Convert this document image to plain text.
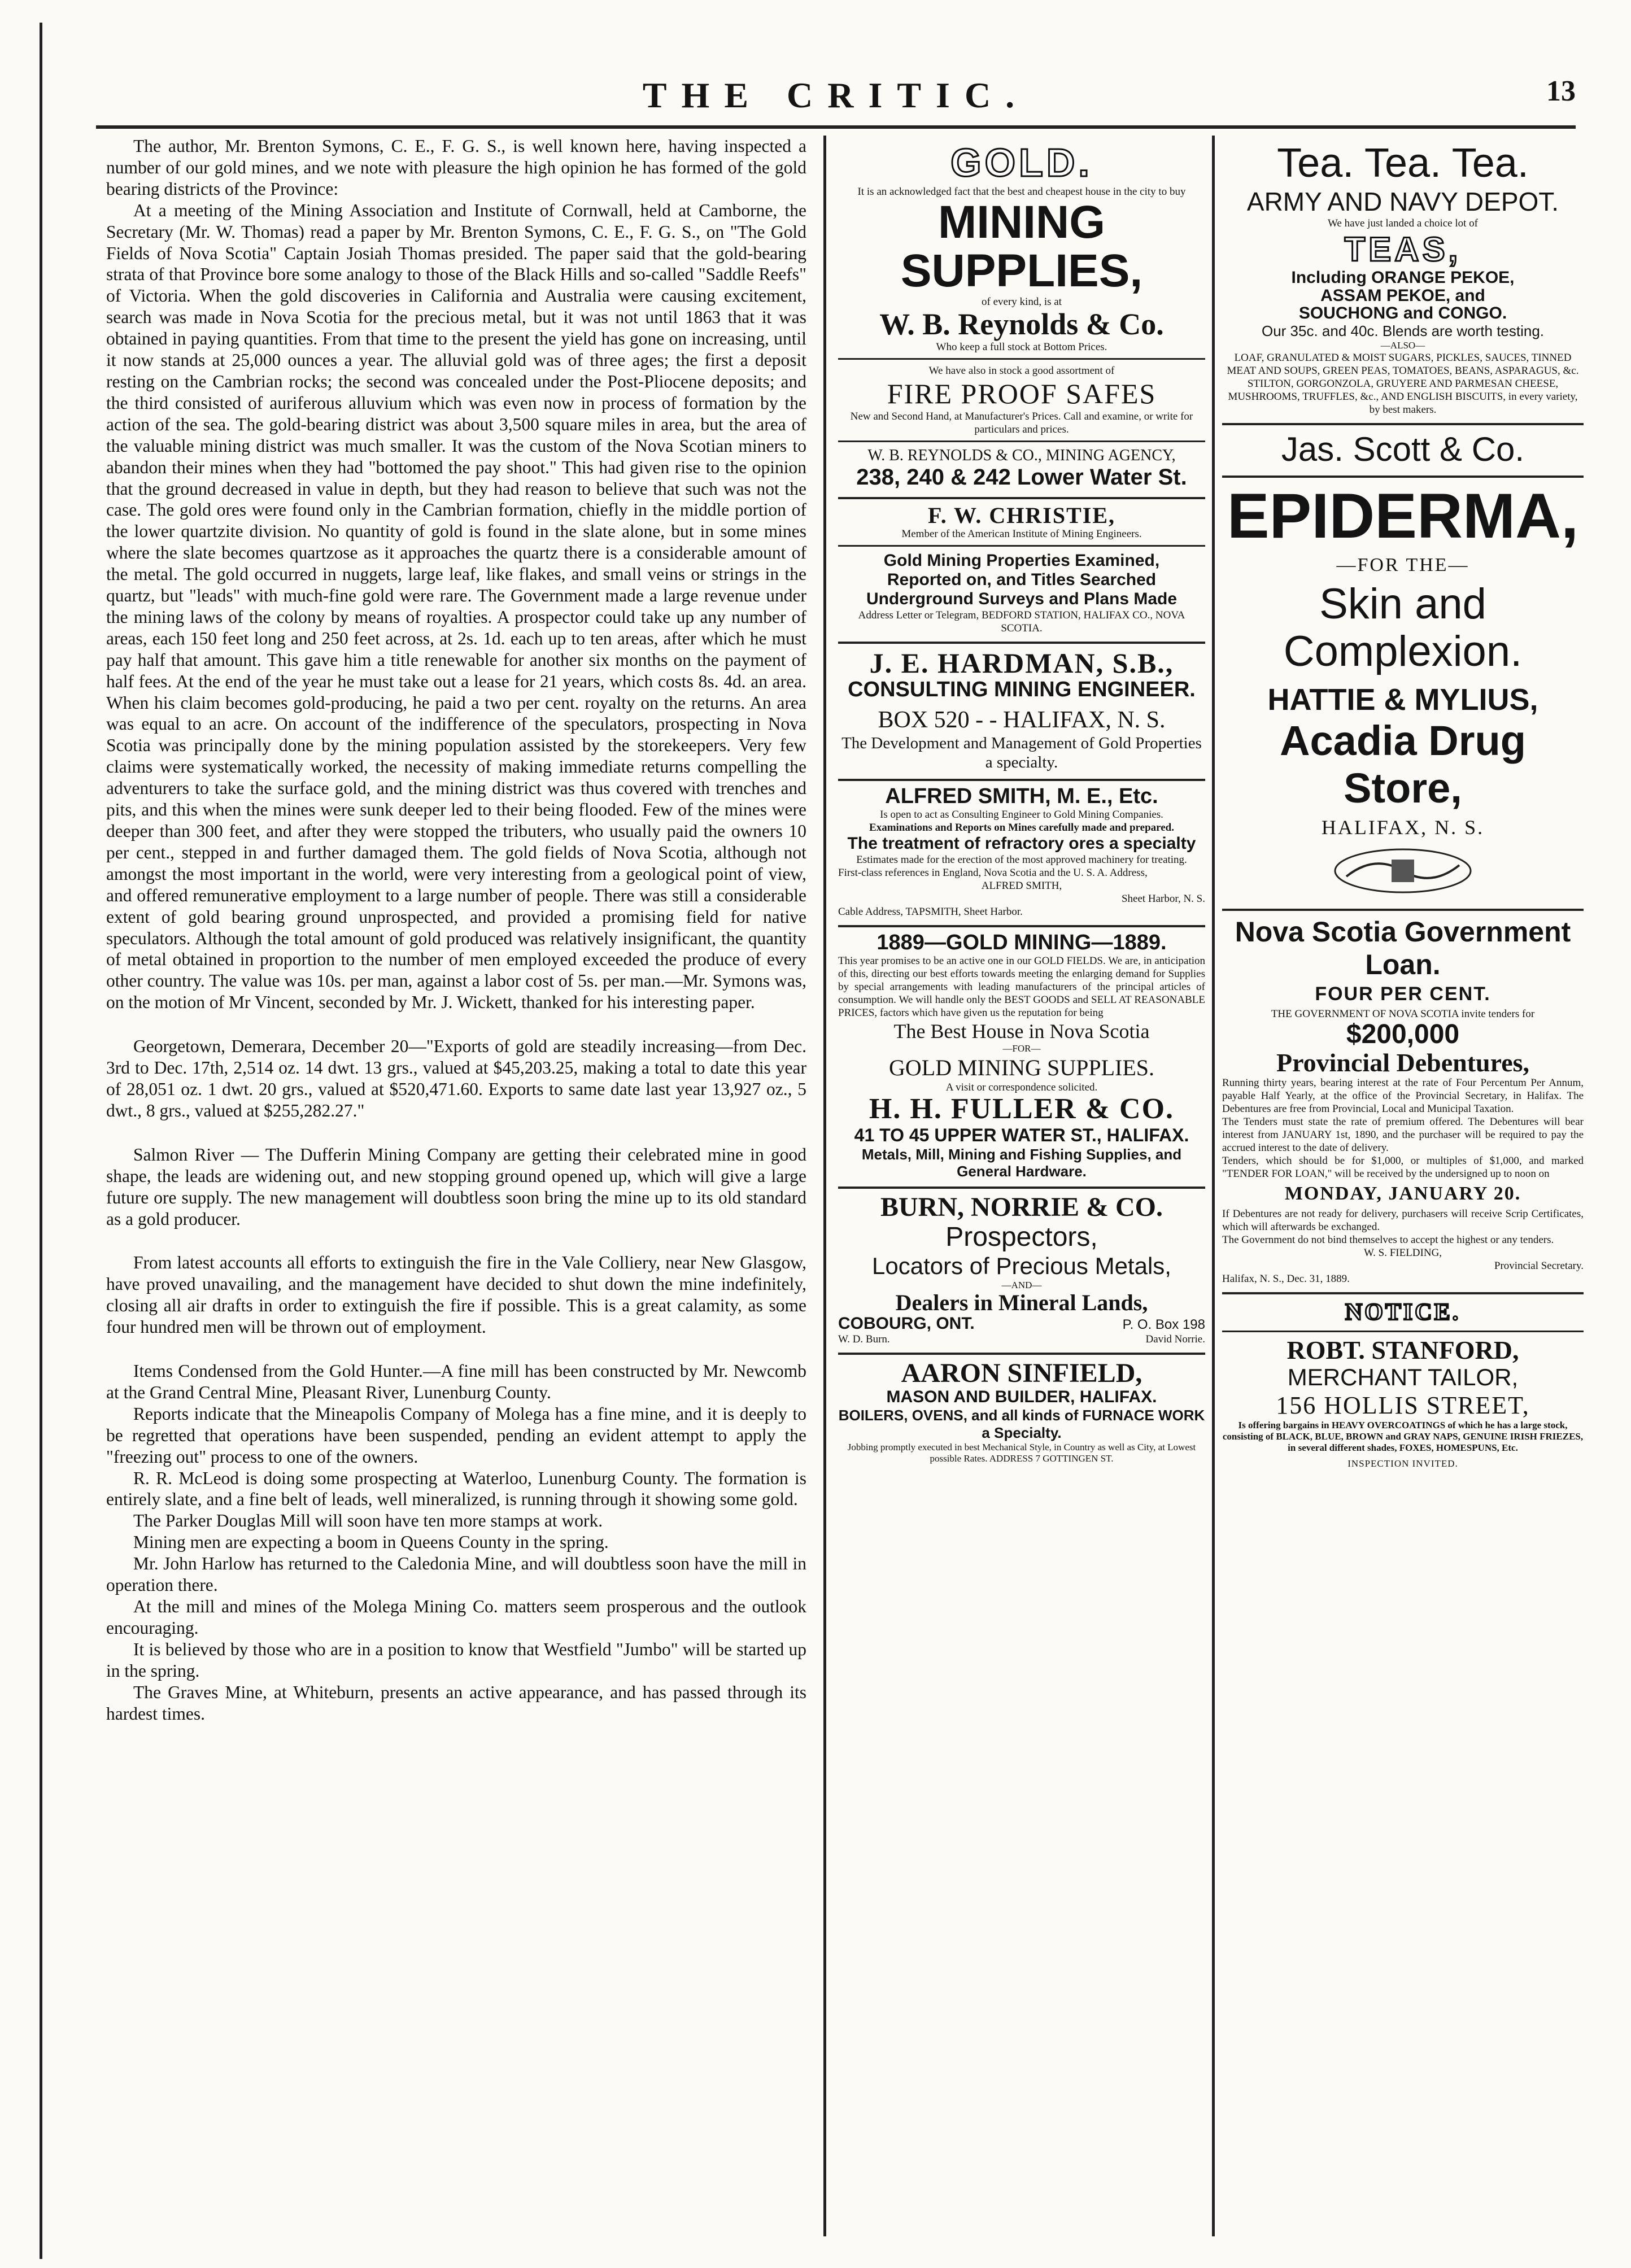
THE CRITIC.	13

The author, Mr. Brenton Symons, C. E., F. G. S., is well known here, having inspected a number of our gold mines, and we note with pleasure the high opinion he has formed of the gold bearing districts of the Province:

At a meeting of the Mining Association and Institute of Cornwall, held at Camborne, the Secretary (Mr. W. Thomas) read a paper by Mr. Brenton Symons, C. E., F. G. S., on "The Gold Fields of Nova Scotia" Captain Josiah Thomas presided. The paper said that the gold-bearing strata of that Province bore some analogy to those of the Black Hills and so-called "Saddle Reefs" of Victoria. When the gold discoveries in California and Australia were causing excitement, search was made in Nova Scotia for the precious metal, but it was not until 1863 that it was obtained in paying quantities. From that time to the present the yield has gone on increasing, until it now stands at 25,000 ounces a year. The alluvial gold was of three ages; the first a deposit resting on the Cambrian rocks; the second was concealed under the Post-Pliocene deposits; and the third consisted of auriferous alluvium which was even now in process of formation by the action of the sea. The gold-bearing district was about 3,500 square miles in area, but the area of the valuable mining district was much smaller. It was the custom of the Nova Scotian miners to abandon their mines when they had "bottomed the pay shoot." This had given rise to the opinion that the ground decreased in value in depth, but they had reason to believe that such was not the case. The gold ores were found only in the Cambrian formation, chiefly in the middle portion of the lower quartzite division. No quantity of gold is found in the slate alone, but in some mines where the slate becomes quartzose as it approaches the quartz there is a considerable amount of the metal. The gold occurred in nuggets, large leaf, like flakes, and small veins or strings in the quartz, but "leads" with much-fine gold were rare. The Government made a large revenue under the mining laws of the colony by means of royalties. A prospector could take up any number of areas, each 150 feet long and 250 feet across, at 2s. 1d. each up to ten areas, after which he must pay half that amount. This gave him a title renewable for another six months on the payment of half fees. At the end of the year he must take out a lease for 21 years, which costs 8s. 4d. an area. When his claim becomes gold-producing, he paid a two per cent. royalty on the returns. An area was equal to an acre. On account of the indifference of the speculators, prospecting in Nova Scotia was principally done by the mining population assisted by the storekeepers. Very few claims were systematically worked, the necessity of making immediate returns compelling the adventurers to take the surface gold, and the mining district was thus covered with trenches and pits, and this when the mines were sunk deeper led to their being flooded. Few of the mines were deeper than 300 feet, and after they were stopped the tributers, who usually paid the owners 10 per cent., stepped in and further damaged them. The gold fields of Nova Scotia, although not amongst the most important in the world, were very interesting from a geological point of view, and offered remunerative employment to a large number of people. There was still a considerable extent of gold bearing ground unprospected, and provided a promising field for native speculators. Although the total amount of gold produced was relatively insignificant, the quantity of metal obtained in proportion to the number of men employed exceeded the produce of every other country. The value was 10s. per man, against a labor cost of 5s. per man.—Mr. Symons was, on the motion of Mr Vincent, seconded by Mr. J. Wickett, thanked for his interesting paper.

Georgetown, Demerara, December 20—"Exports of gold are steadily increasing—from Dec. 3rd to Dec. 17th, 2,514 oz. 14 dwt. 13 grs., valued at $45,203.25, making a total to date this year of 28,051 oz. 1 dwt. 20 grs., valued at $520,471.60. Exports to same date last year 13,927 oz., 5 dwt., 8 grs., valued at $255,282.27."

Salmon River — The Dufferin Mining Company are getting their celebrated mine in good shape, the leads are widening out, and new stopping ground opened up, which will give a large future ore supply. The new management will doubtless soon bring the mine up to its old standard as a gold producer.

From latest accounts all efforts to extinguish the fire in the Vale Colliery, near New Glasgow, have proved unavailing, and the management have decided to shut down the mine indefinitely, closing all air drafts in order to extinguish the fire if possible. This is a great calamity, as some four hundred men will be thrown out of employment.

Items Condensed from the Gold Hunter.—A fine mill has been constructed by Mr. Newcomb at the Grand Central Mine, Pleasant River, Lunenburg County.

Reports indicate that the Mineapolis Company of Molega has a fine mine, and it is deeply to be regretted that operations have been suspended, pending an evident attempt to apply the "freezing out" process to one of the owners.

R. R. McLeod is doing some prospecting at Waterloo, Lunenburg County. The formation is entirely slate, and a fine belt of leads, well mineralized, is running through it showing some gold.

The Parker Douglas Mill will soon have ten more stamps at work.

Mining men are expecting a boom in Queens County in the spring.

Mr. John Harlow has returned to the Caledonia Mine, and will doubtless soon have the mill in operation there.

At the mill and mines of the Molega Mining Co. matters seem prosperous and the outlook encouraging.

It is believed by those who are in a position to know that Westfield "Jumbo" will be started up in the spring.

The Graves Mine, at Whiteburn, presents an active appearance, and has passed through its hardest times.

GOLD.
It is an acknowledged fact that the best and cheapest house in the city to buy
MINING SUPPLIES,
of every kind, is at
W. B. Reynolds & Co.
Who keep a full stock at Bottom Prices.
We have also in stock a good assortment of
FIRE PROOF SAFES
New and Second Hand, at Manufacturer's Prices. Call and examine, or write for particulars and prices.
W. B. REYNOLDS & CO., MINING AGENCY,
238, 240 & 242 Lower Water St.
F. W. CHRISTIE,
Member of the American Institute of Mining Engineers.
Gold Mining Properties Examined,
Reported on, and Titles Searched
Underground Surveys and Plans Made
Address Letter or Telegram, BEDFORD STATION, HALIFAX CO., NOVA SCOTIA.
J. E. HARDMAN, S.B.,
CONSULTING MINING ENGINEER.
BOX 520 - - HALIFAX, N. S.
The Development and Management of Gold Properties a specialty.
ALFRED SMITH, M. E., Etc.
Is open to act as Consulting Engineer to Gold Mining Companies.
Examinations and Reports on Mines carefully made and prepared.
The treatment of refractory ores a specialty
Estimates made for the erection of the most approved machinery for treating.
First-class references in England, Nova Scotia and the U. S. A. Address,
ALFRED SMITH,
Sheet Harbor, N. S.
Cable Address, TAPSMITH, Sheet Harbor.
1889—GOLD MINING—1889.
This year promises to be an active one in our GOLD FIELDS. We are, in anticipation of this, directing our best efforts towards meeting the enlarging demand for Supplies by special arrangements with leading manufacturers of the principal articles of consumption. We will handle only the BEST GOODS and SELL AT REASONABLE PRICES, factors which have given us the reputation for being
The Best House in Nova Scotia
—FOR—
GOLD MINING SUPPLIES.
A visit or correspondence solicited.
H. H. FULLER & CO.
41 TO 45 UPPER WATER ST., HALIFAX.
Metals, Mill, Mining and Fishing Supplies, and General Hardware.
BURN, NORRIE & CO.
Prospectors,
Locators of Precious Metals,
—AND—
Dealers in Mineral Lands,
COBOURG, ONT.	P. O. Box 198
W. D. Burn.	David Norrie.
AARON SINFIELD,
MASON AND BUILDER, HALIFAX.
BOILERS, OVENS, and all kinds of FURNACE WORK a Specialty.
Jobbing promptly executed in best Mechanical Style, in Country as well as City, at Lowest possible Rates. ADDRESS 7 GOTTINGEN ST.
Tea. Tea. Tea.
ARMY AND NAVY DEPOT.
We have just landed a choice lot of
TEAS,
Including ORANGE PEKOE,
ASSAM PEKOE, and
SOUCHONG and CONGO.
Our 35c. and 40c. Blends are worth testing.
—ALSO—
LOAF, GRANULATED & MOIST SUGARS, PICKLES, SAUCES, TINNED MEAT AND SOUPS, GREEN PEAS, TOMATOES, BEANS, ASPARAGUS, &c. STILTON, GORGONZOLA, GRUYERE AND PARMESAN CHEESE, MUSHROOMS, TRUFFLES, &c., AND ENGLISH BISCUITS, in every variety, by best makers.
Jas. Scott & Co.
EPIDERMA,
—FOR THE—
Skin and
Complexion.
HATTIE & MYLIUS,
Acadia Drug Store,
HALIFAX, N. S.
Nova Scotia Government Loan.
FOUR PER CENT.
THE GOVERNMENT OF NOVA SCOTIA invite tenders for
$200,000
Provincial Debentures,
Running thirty years, bearing interest at the rate of Four Percentum Per Annum, payable Half Yearly, at the office of the Provincial Secretary, in Halifax. The Debentures are free from Provincial, Local and Municipal Taxation.
The Tenders must state the rate of premium offered. The Debentures will bear interest from JANUARY 1st, 1890, and the purchaser will be required to pay the accrued interest to the date of delivery.
Tenders, which should be for $1,000, or multiples of $1,000, and marked "TENDER FOR LOAN," will be received by the undersigned up to noon on
MONDAY, JANUARY 20.
If Debentures are not ready for delivery, purchasers will receive Scrip Certificates, which will afterwards be exchanged.
The Government do not bind themselves to accept the highest or any tenders.
W. S. FIELDING,
Provincial Secretary.
Halifax, N. S., Dec. 31, 1889.
NOTICE.
ROBT. STANFORD,
MERCHANT TAILOR,
156 HOLLIS STREET,
Is offering bargains in HEAVY OVERCOATINGS of which he has a large stock, consisting of BLACK, BLUE, BROWN and GRAY NAPS, GENUINE IRISH FRIEZES, in several different shades, FOXES, HOMESPUNS, Etc.
INSPECTION INVITED.
